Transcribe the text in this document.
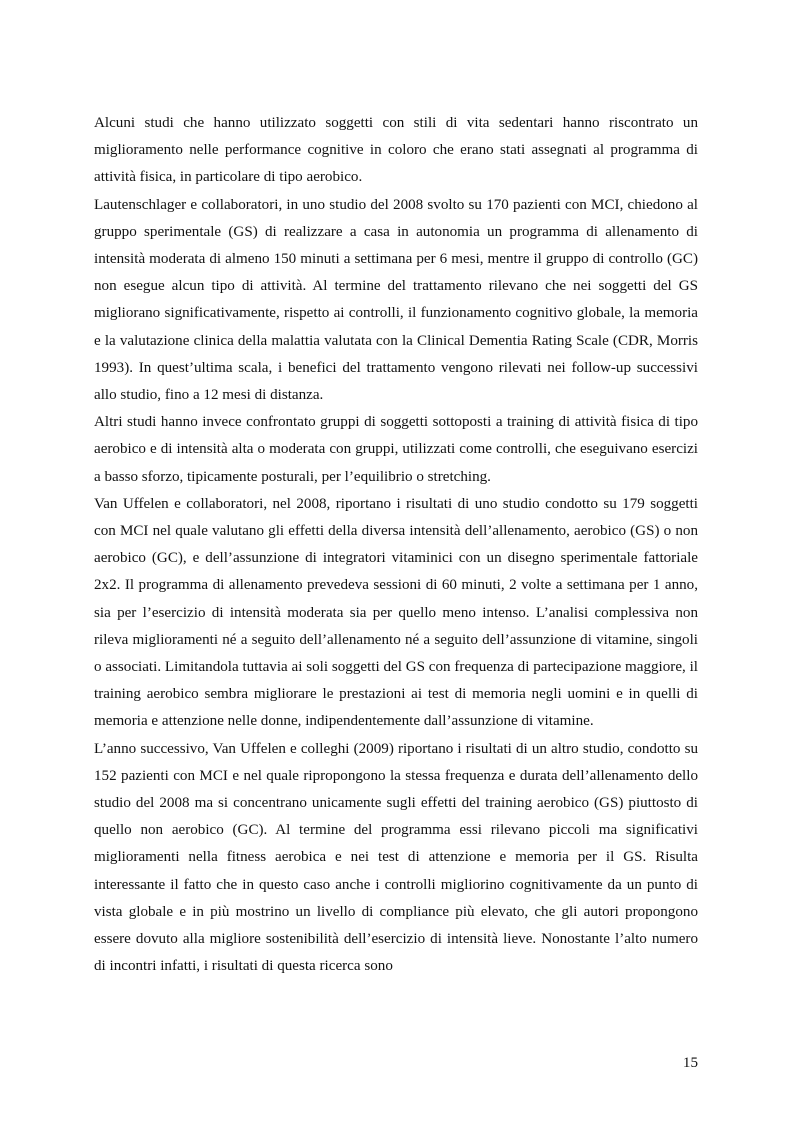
Alcuni studi che hanno utilizzato soggetti con stili di vita sedentari hanno riscontrato un miglioramento nelle performance cognitive in coloro che erano stati assegnati al programma di attività fisica, in particolare di tipo aerobico.

Lautenschlager e collaboratori, in uno studio del 2008 svolto su 170 pazienti con MCI, chiedono al gruppo sperimentale (GS) di realizzare a casa in autonomia un programma di allenamento di intensità moderata di almeno 150 minuti a settimana per 6 mesi, mentre il gruppo di controllo (GC) non esegue alcun tipo di attività. Al termine del trattamento rilevano che nei soggetti del GS migliorano significativamente, rispetto ai controlli, il funzionamento cognitivo globale, la memoria e la valutazione clinica della malattia valutata con la Clinical Dementia Rating Scale (CDR, Morris 1993). In quest’ultima scala, i benefici del trattamento vengono rilevati nei follow-up successivi allo studio, fino a 12 mesi di distanza.

Altri studi hanno invece confrontato gruppi di soggetti sottoposti a training di attività fisica di tipo aerobico e di intensità alta o moderata con gruppi, utilizzati come controlli, che eseguivano esercizi a basso sforzo, tipicamente posturali, per l’equilibrio o stretching.

Van Uffelen e collaboratori, nel 2008, riportano i risultati di uno studio condotto su 179 soggetti con MCI nel quale valutano gli effetti della diversa intensità dell’allenamento, aerobico (GS) o non aerobico (GC), e dell’assunzione di integratori vitaminici con un disegno sperimentale fattoriale 2x2. Il programma di allenamento prevedeva sessioni di 60 minuti, 2 volte a settimana per 1 anno, sia per l’esercizio di intensità moderata sia per quello meno intenso. L’analisi complessiva non rileva miglioramenti né a seguito dell’allenamento né a seguito dell’assunzione di vitamine, singoli o associati. Limitandola tuttavia ai soli soggetti del GS con frequenza di partecipazione maggiore, il training aerobico sembra migliorare le prestazioni ai test di memoria negli uomini e in quelli di memoria e attenzione nelle donne, indipendentemente dall’assunzione di vitamine.

L’anno successivo, Van Uffelen e colleghi (2009) riportano i risultati di un altro studio, condotto su 152 pazienti con MCI e nel quale ripropongono la stessa frequenza e durata dell’allenamento dello studio del 2008 ma si concentrano unicamente sugli effetti del training aerobico (GS) piuttosto di quello non aerobico (GC). Al termine del programma essi rilevano piccoli ma significativi miglioramenti nella fitness aerobica e nei test di attenzione e memoria per il GS. Risulta interessante il fatto che in questo caso anche i controlli migliorino cognitivamente da un punto di vista globale e in più mostrino un livello di compliance più elevato, che gli autori propongono essere dovuto alla migliore sostenibilità dell’esercizio di intensità lieve. Nonostante l’alto numero di incontri infatti, i risultati di questa ricerca sono

15
